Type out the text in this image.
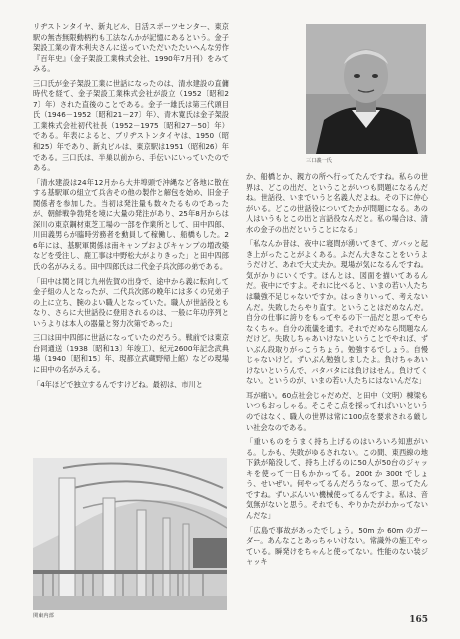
三口義一氏

リヂストンタイヤ、新丸ビル、日活スポーツセンター、東京駅の無杏無限動柄杓も工法なんかが記憶にあるという。金子架設工業の青木利夫さんに送っていただいたたいへんな労作『百年史』（金子架設工業株式会社、1990年7月刊）をみてみる。

三口氏が金子架設工業に世話になったのは、清水建設の直傭時代を経て、金子架設工業株式会社が設立（1952〔昭和27〕年）された直後のことである。金子一雄氏は第三代頭目氏（1946－1952〔昭和21－27〕年）、青木寛氏は金子架設工業株式会社初代社長（1952－1975〔昭和27－50〕年）である。年表によると、ブリヂストンタイヤは、1950（昭和25）年であり、新丸ビルは、東京駅は1951（昭和26）年である。三口氏は、半巣以前から、手伝いにいっていたのである。

「清水建設は24年12月から大井埠頭で沖縄など各地に散在する基駅軍の組立て兵舎その他の製作と解包を始め、旧金子関係者を参加した。当初は発注量も数々たるものであったが、朝鮮戦争勃発を境に大量の発注があり、25年8月からは深川の東京鋼材東芝工場の一部を作業所として、田中四郎、川田義男らが臨時労務者を動員して稼働し、船橋もした。26年には、基駅軍関係は南キャンプおよびキャンプの増改築などを受注し、鹿工事は中野松大がよりきった」と田中四郎氏の名がみえる。田中四郎氏は二代金子兵次郎の弟である。

「田中は関と同じ九州佐賀の出身で、途中から義に転向して金子組の人となったが、二代兵次郎の晩年には多くの兄弟子の上に立ち、腕のよい職人となっていた。職人が世話役ともなり、さらに大世話役に登用されるのは、一般に年功序列というよりは本人の器量と努力次第であった」

三口は田中四郎に世話になっていたのだろう。戦前では東京台同通送（1938〔昭和13〕年竣工）、紀元2600年記念武典場（1940〔昭和15〕年、現都立武蔵野帰上館）などの現場に田中の名がみえる。

「4年ほどで独立するんですけどね。最初は、市川と

関東内部

か、船橋とか、親方の所へ行ってたんですね。私らの世界は、どこの出だ、ということがいつも問題になるんだね。世話役、いまでいうと名義人だよね。その下に仲心がいる。どこの世話役についてたかが問題になる。あの人はいうもとこの出と言話役なんだと。私の場合は、清水の金子の出だということになる」

「私なんか昔は、夜中に寝問が湧いてきて、ガバッと起き上がったことがよくある。ふだん大きなことをいうようだけど、あれで大丈夫か。現場が気になるんですね。気がかりにいくです。ほんとは、図面を描いてあるんだ。夜中にですよ。それに比べると、いまの若い人たちは職強不足じゃないですか。はっきりいって、考えないんだ。失敗したらやり直す。ということはだめなんだ。自分の仕事に誇りをもってやるの下一品だと思ってやらなくちゃ。自分の流儀を通す。それでだめなら問題なんだけど。失敗しちゃあいけないということでやれば、ずいぶん段取りがっこうちょう。勉強するでしょう。自慢じゃないけど。ずいぶん勉強しましたよ。負けちゃあいけないというんで、バタバタには負けはせん。負けてくない。というのが、いまの若い人たちにはないんだな」

耳が痛い。60点社会じゃだめだ、と田中（文明）棟梁もいつもおっしゃる。そこそこ点を採ってればいいというのではなく、職人の世界は常に100点を要求される厳しい社会なのである。

「重いものをうまく持ち上げるのはいろいろ知恵がいる。しかも、失敗がゆるされない。この間、東西線の地下鉄が陥没して、持ち上げるのに50人が50台のジャッキを使って一日もかかってる。200t か 300t でしょう、せいぜい。何やってるんだろうなって、思ってたんですね。ずいぶんいい機械使ってるんですよ。私は、音気無がないと思う。それでも、やりかたがわかってないんだな」

「広島で事故があったでしょう。50m か 60m のガーダー。あんなことあっちゃいけない。常識外の施工やっている。瞬発けをちゃんと使ってない。性能のない装ジャッキ

165
